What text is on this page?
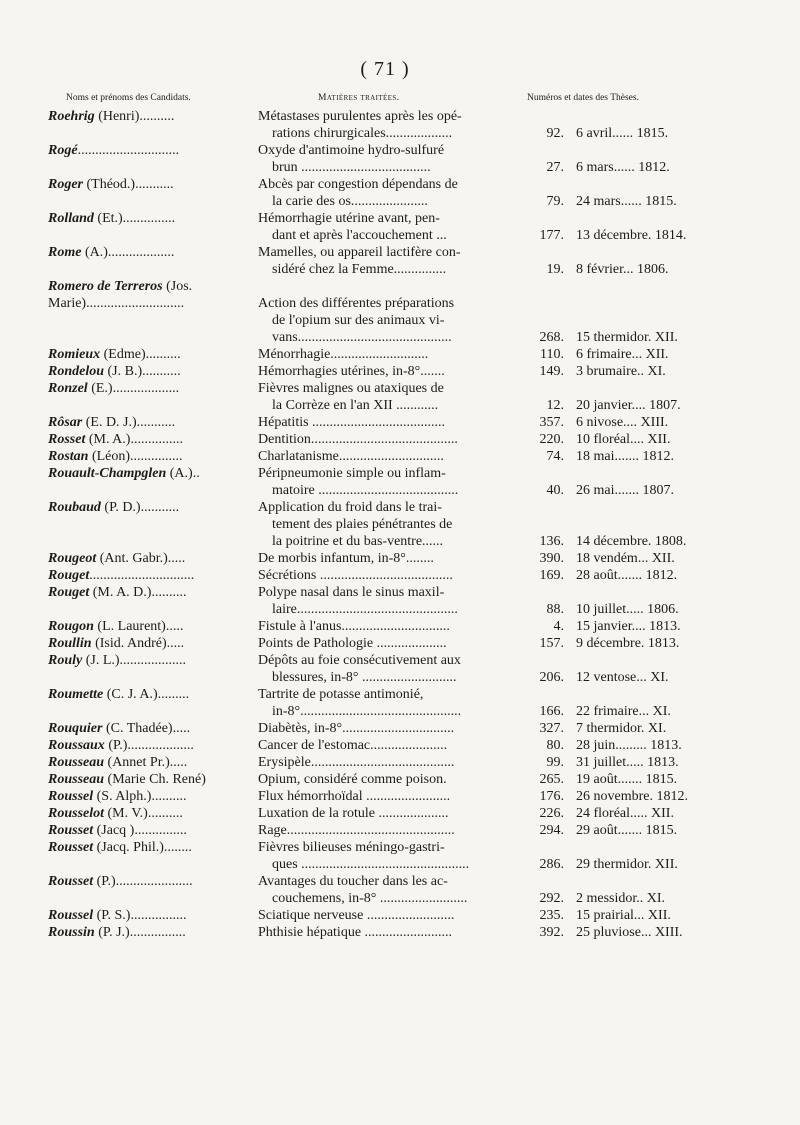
( 71 )
Noms et prénoms des Candidats.	Matières traitées.	Numéros et dates des Thèses.
Roehrig (Henri)..........	Métastases purulentes après les opé-
rations chirurgicales...................	92. 6 avril...... 1815.
Rogé.............................	Oxyde d'antimoine hydro-sulfuré
brun .....................................	27. 6 mars...... 1812.
Roger (Théod.)...........	Abcès par congestion dépendans de
la carie des os......................	79. 24 mars...... 1815.
Rolland (Et.)...............	Hémorrhagie utérine avant, pen-
dant et après l'accouchement ...	177. 13 décembre. 1814.
Rome (A.)...................	Mamelles, ou appareil lactifère con-
sidéré chez la Femme...............	19. 8 février... 1806.
Romero de Terreros (Jos.
Marie)............................	Action des différentes préparations
de l'opium sur des animaux vi-
vans............................................	268. 15 thermidor. XII.
Romieux (Edme)..........	Ménorrhagie............................	110. 6 frimaire... XII.
Rondelou (J. B.)...........	Hémorrhagies utérines, in-8°.......	149. 3 brumaire.. XI.
Ronzel (E.)...................	Fièvres malignes ou ataxiques de
la Corrèze en l'an XII ............	12. 20 janvier.... 1807.
Rôsar (E. D. J.)...........	Hépatitis ......................................	357. 6 nivose.... XIII.
Rosset (M. A.)...............	Dentition..........................................	220. 10 floréal.... XII.
Rostan (Léon)...............	Charlatanisme..............................	74. 18 mai....... 1812.
Rouault-Champglen (A.)..	Péripneumonie simple ou inflam-
matoire ........................................	40. 26 mai....... 1807.
Roubaud (P. D.)...........	Application du froid dans le trai-
tement des plaies pénétrantes de
la poitrine et du bas-ventre......	136. 14 décembre. 1808.
Rougeot (Ant. Gabr.).....	De morbis infantum, in-8°........	390. 18 vendém... XII.
Rouget..............................	Sécrétions ......................................	169. 28 août....... 1812.
Rouget (M. A. D.)..........	Polype nasal dans le sinus maxil-
laire..............................................	88. 10 juillet..... 1806.
Rougon (L. Laurent).....	Fistule à l'anus...............................	4. 15 janvier.... 1813.
Roullin (Isid. André).....	Points de Pathologie ....................	157. 9 décembre. 1813.
Rouly (J. L.)...................	Dépôts au foie consécutivement aux
blessures, in-8° ...........................	206. 12 ventose... XI.
Roumette (C. J. A.).........	Tartrite de potasse antimonié,
in-8°..............................................	166. 22 frimaire... XI.
Rouquier (C. Thadée).....	Diabètès, in-8°................................	327. 7 thermidor. XI.
Roussaux (P.)...................	Cancer de l'estomac......................	80. 28 juin......... 1813.
Rousseau (Annet Pr.).....	Erysipèle.........................................	99. 31 juillet..... 1813.
Rousseau (Marie Ch. René)	Opium, considéré comme poison.	265. 19 août....... 1815.
Roussel (S. Alph.)..........	Flux hémorrhoïdal ........................	176. 26 novembre. 1812.
Rousselot (M. V.)..........	Luxation de la rotule ....................	226. 24 floréal..... XII.
Rousset (Jacq )...............	Rage................................................	294. 29 août....... 1815.
Rousset (Jacq. Phil.)........	Fièvres bilieuses méningo-gastri-
ques ................................................	286. 29 thermidor. XII.
Rousset (P.)......................	Avantages du toucher dans les ac-
couchemens, in-8° .........................	292. 2 messidor.. XI.
Roussel (P. S.)................	Sciatique nerveuse .........................	235. 15 prairial... XII.
Roussin (P. J.)................	Phthisie hépatique .........................	392. 25 pluviose... XIII.
